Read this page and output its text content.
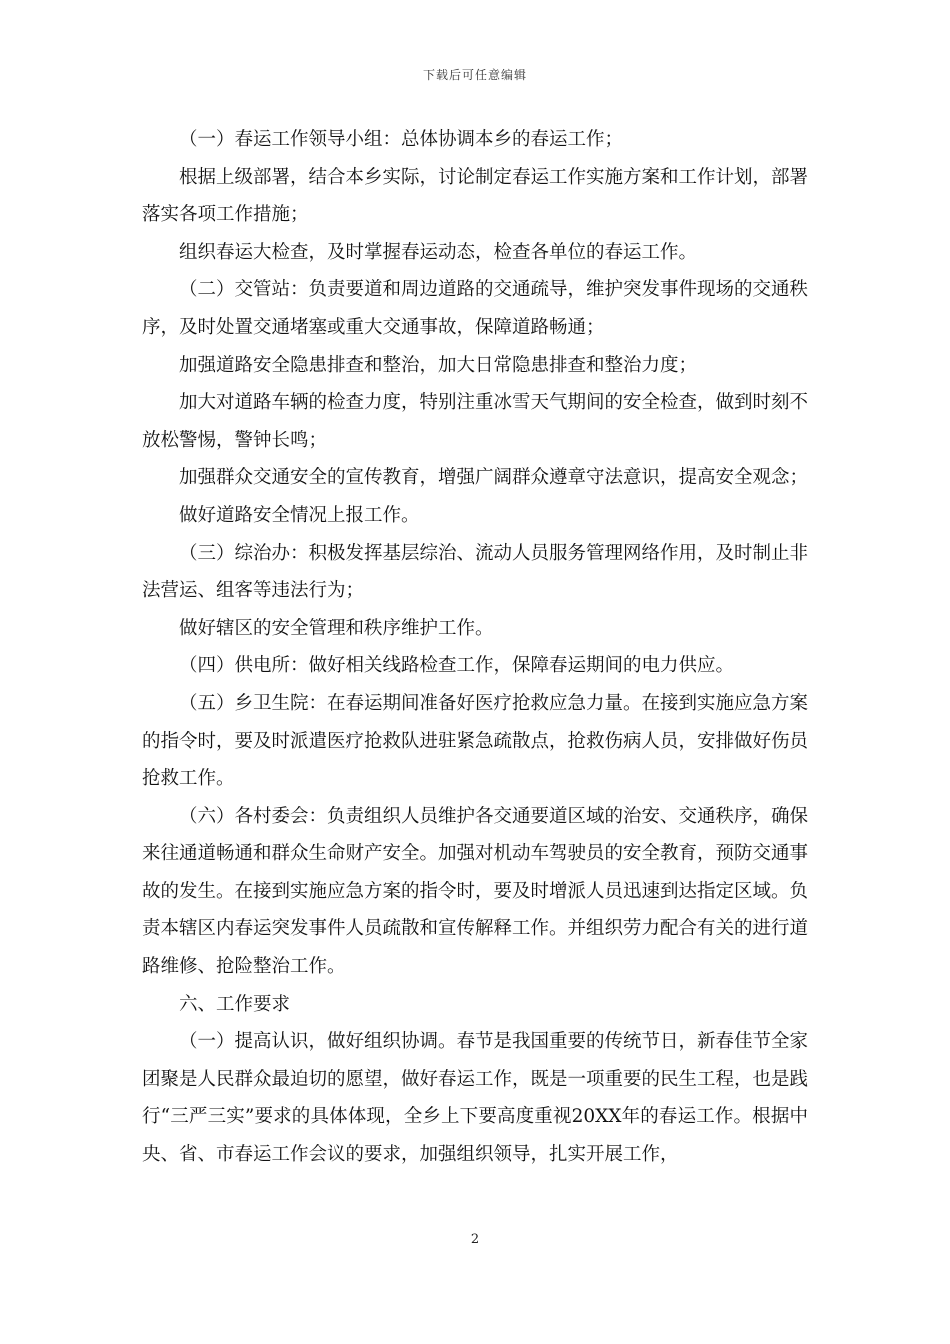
下载后可任意编辑

（一）春运工作领导小组：总体协调本乡的春运工作；

根据上级部署，结合本乡实际，讨论制定春运工作实施方案和工作计划，部署落实各项工作措施；

组织春运大检查，及时掌握春运动态，检查各单位的春运工作。

（二）交管站：负责要道和周边道路的交通疏导，维护突发事件现场的交通秩序，及时处置交通堵塞或重大交通事故，保障道路畅通；

加强道路安全隐患排查和整治，加大日常隐患排查和整治力度；

加大对道路车辆的检查力度，特别注重冰雪天气期间的安全检查，做到时刻不放松警惕，警钟长鸣；

加强群众交通安全的宣传教育，增强广阔群众遵章守法意识，提高安全观念；

做好道路安全情况上报工作。

（三）综治办：积极发挥基层综治、流动人员服务管理网络作用，及时制止非法营运、组客等违法行为；

做好辖区的安全管理和秩序维护工作。

（四）供电所：做好相关线路检查工作，保障春运期间的电力供应。

（五）乡卫生院：在春运期间准备好医疗抢救应急力量。在接到实施应急方案的指令时，要及时派遣医疗抢救队进驻紧急疏散点，抢救伤病人员，安排做好伤员抢救工作。

（六）各村委会：负责组织人员维护各交通要道区域的治安、交通秩序，确保来往通道畅通和群众生命财产安全。加强对机动车驾驶员的安全教育，预防交通事故的发生。在接到实施应急方案的指令时，要及时增派人员迅速到达指定区域。负责本辖区内春运突发事件人员疏散和宣传解释工作。并组织劳力配合有关的进行道路维修、抢险整治工作。

六、工作要求

（一）提高认识，做好组织协调。春节是我国重要的传统节日，新春佳节全家团聚是人民群众最迫切的愿望，做好春运工作，既是一项重要的民生工程，也是践行“三严三实”要求的具体体现，全乡上下要高度重视20XX年的春运工作。根据中央、省、市春运工作会议的要求，加强组织领导，扎实开展工作，

2
